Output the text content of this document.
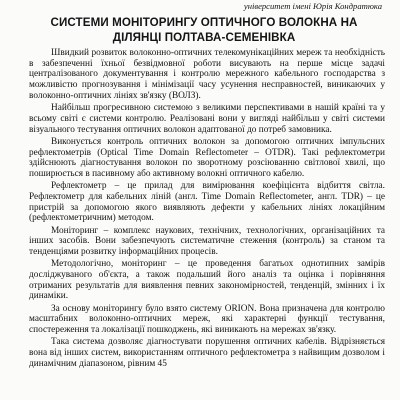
університет імені Юрія Кондратюка
СИСТЕМИ МОНІТОРИНГУ ОПТИЧНОГО ВОЛОКНА НА
ДІЛЯНЦІ ПОЛТАВА-СЕМЕНІВКА

Швидкий розвиток волоконно-оптичних телекомунікаційних мереж та необхідність в забезпеченні їхньої безвідмовної роботи висувають на перше місце задачі централізованого документування і контролю мережного кабельного господарства з можливістю прогнозування і мінімізації часу усунення несправностей, виникаючих у волоконно-оптичних лініях зв'язку (ВОЛЗ).

Найбільш прогресивною системою з великими перспективами в нашій країні та у всьому світі є системи контролю. Реалізовані вони у вигляді найбільш у світі системи візуального тестування оптичних волокон адаптованої до потреб замовника.

Виконується контроль оптичних волокон за допомогою оптичних імпульсних рефлектометрів (Optical Time Domain Reflectometer – OTDR). Такі рефлектометри здійснюють діагностування волокон по зворотному розсіюванню світлової хвилі, що поширюється в пасивному або активному волокні оптичного кабелю.

Рефлектометр – це прилад для вимірювання коефіцієнта відбиття світла. Рефлектометр для кабельних ліній (англ. Time Domain Reflectometer, англ. TDR) – це пристрій за допомогою якого виявляють дефекти у кабельних лініях локаційним (рефлектометричним) методом.

Моніторинг – комплекс наукових, технічних, технологічних, організаційних та інших засобів. Вони забезпечують систематичне стеження (контроль) за станом та тенденціями розвитку інформаційних процесів.

Методологічно, моніторинг – це проведення багатьох однотипних замірів досліджуваного об'єкта, а також подальший його аналіз та оцінка і порівняння отриманих результатів для виявлення певних закономірностей, тенденцій, змінних і їх динаміки.

За основу моніторингу було взято систему ORION. Вона призначена для контролю масштабних волоконно-оптичних мереж, які характерні функції тестування, спостереження та локалізації пошкоджень, які виникають на мережах зв'язку.

Така система дозволяє діагностувати порушення оптичних кабелів. Відрізняється вона від інших систем, використанням оптичного рефлектометра з найвищим дозволом і динамічним діапазоном, рівним 45
